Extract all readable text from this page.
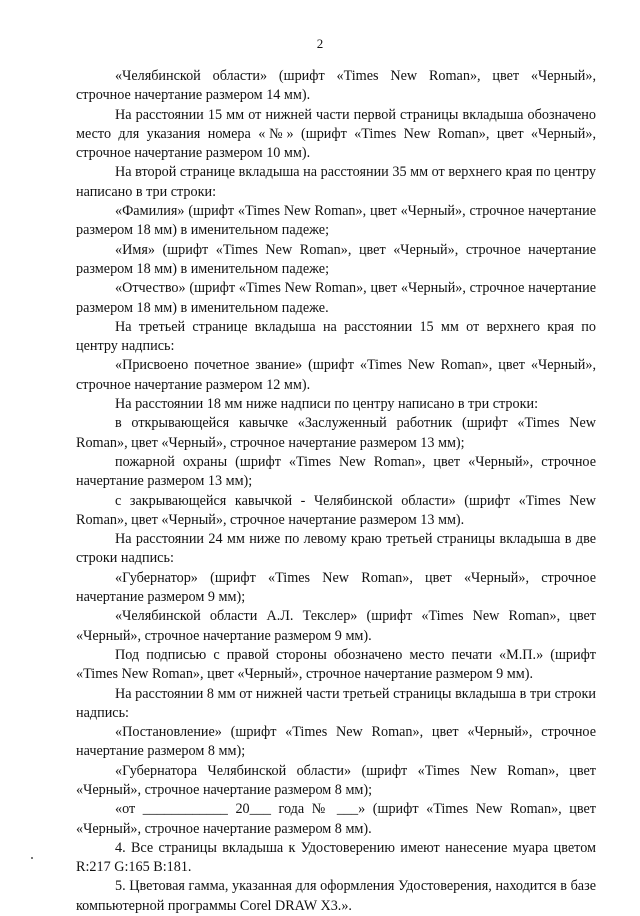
2

«Челябинской области» (шрифт «Times New Roman», цвет «Черный», строчное начертание размером 14 мм).

На расстоянии 15 мм от нижней части первой страницы вкладыша обозначено место для указания номера «№» (шрифт «Times New Roman», цвет «Черный», строчное начертание размером 10 мм).

На второй странице вкладыша на расстоянии 35 мм от верхнего края по центру написано в три строки:

«Фамилия» (шрифт «Times New Roman», цвет «Черный», строчное начертание размером 18 мм) в именительном падеже;

«Имя» (шрифт «Times New Roman», цвет «Черный», строчное начертание размером 18 мм) в именительном падеже;

«Отчество» (шрифт «Times New Roman», цвет «Черный», строчное начертание размером 18 мм) в именительном падеже.

На третьей странице вкладыша на расстоянии 15 мм от верхнего края по центру надпись:

«Присвоено почетное звание» (шрифт «Times New Roman», цвет «Черный», строчное начертание размером 12 мм).

На расстоянии 18 мм ниже надписи по центру написано в три строки:

в открывающейся кавычке «Заслуженный работник (шрифт «Times New Roman», цвет «Черный», строчное начертание размером 13 мм);

пожарной охраны (шрифт «Times New Roman», цвет «Черный», строчное начертание размером 13 мм);

с закрывающейся кавычкой - Челябинской области» (шрифт «Times New Roman», цвет «Черный», строчное начертание размером 13 мм).

На расстоянии 24 мм ниже по левому краю третьей страницы вкладыша в две строки надпись:

«Губернатор» (шрифт «Times New Roman», цвет «Черный», строчное начертание размером 9 мм);

«Челябинской области А.Л. Текслер» (шрифт «Times New Roman», цвет «Черный», строчное начертание размером 9 мм).

Под подписью с правой стороны обозначено место печати «М.П.» (шрифт «Times New Roman», цвет «Черный», строчное начертание размером 9 мм).

На расстоянии 8 мм от нижней части третьей страницы вкладыша в три строки надпись:

«Постановление» (шрифт «Times New Roman», цвет «Черный», строчное начертание размером 8 мм);

«Губернатора Челябинской области» (шрифт «Times New Roman», цвет «Черный», строчное начертание размером 8 мм);

«от ____________ 20___ года № ___» (шрифт «Times New Roman», цвет «Черный», строчное начертание размером 8 мм).

4. Все страницы вкладыша к Удостоверению имеют нанесение муара цветом R:217 G:165 B:181.

5. Цветовая гамма, указанная для оформления Удостоверения, находится в базе компьютерной программы Corel DRAW X3.».
